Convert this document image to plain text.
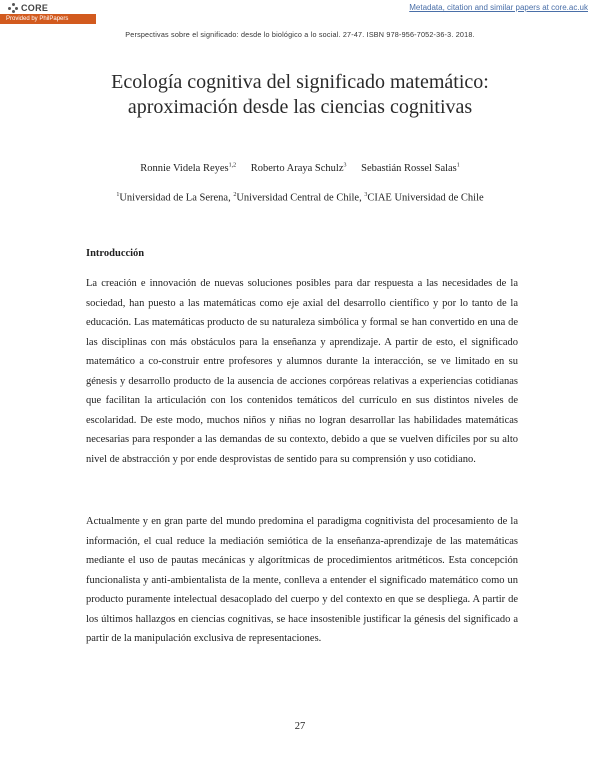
CORE	Metadata, citation and similar papers at core.ac.uk
Provided by PhilPapers
Perspectivas sobre el significado: desde lo biológico a lo social. 27-47. ISBN 978-956-7052-36-3. 2018.
Ecología cognitiva del significado matemático:
aproximación desde las ciencias cognitivas
Ronnie Videla Reyes$^{1,2}$ Roberto Araya Schulz$^3$ Sebastián Rossel Salas$^1$
$^1$Universidad de La Serena, $^2$Universidad Central de Chile, $^3$CIAE Universidad de Chile
Introducción

La creación e innovación de nuevas soluciones posibles para dar respuesta a las necesidades de la sociedad, han puesto a las matemáticas como eje axial del desarrollo científico y por lo tanto de la educación. Las matemáticas producto de su naturaleza simbólica y formal se han convertido en una de las disciplinas con más obstáculos para la enseñanza y aprendizaje. A partir de esto, el significado matemático a co-construir entre profesores y alumnos durante la interacción, se ve limitado en su génesis y desarrollo producto de la ausencia de acciones corpóreas relativas a experiencias cotidianas que facilitan la articulación con los contenidos temáticos del currículo en sus distintos niveles de escolaridad. De este modo, muchos niños y niñas no logran desarrollar las habilidades matemáticas necesarias para responder a las demandas de su contexto, debido a que se vuelven difíciles por su alto nivel de abstracción y por ende desprovistas de sentido para su comprensión y uso cotidiano.

Actualmente y en gran parte del mundo predomina el paradigma cognitivista del procesamiento de la información, el cual reduce la mediación semiótica de la enseñanza-aprendizaje de las matemáticas mediante el uso de pautas mecánicas y algorítmicas de procedimientos aritméticos. Esta concepción funcionalista y anti-ambientalista de la mente, conlleva a entender el significado matemático como un producto puramente intelectual desacoplado del cuerpo y del contexto en que se despliega. A partir de los últimos hallazgos en ciencias cognitivas, se hace insostenible justificar la génesis del significado a partir de la manipulación exclusiva de representaciones.

27
